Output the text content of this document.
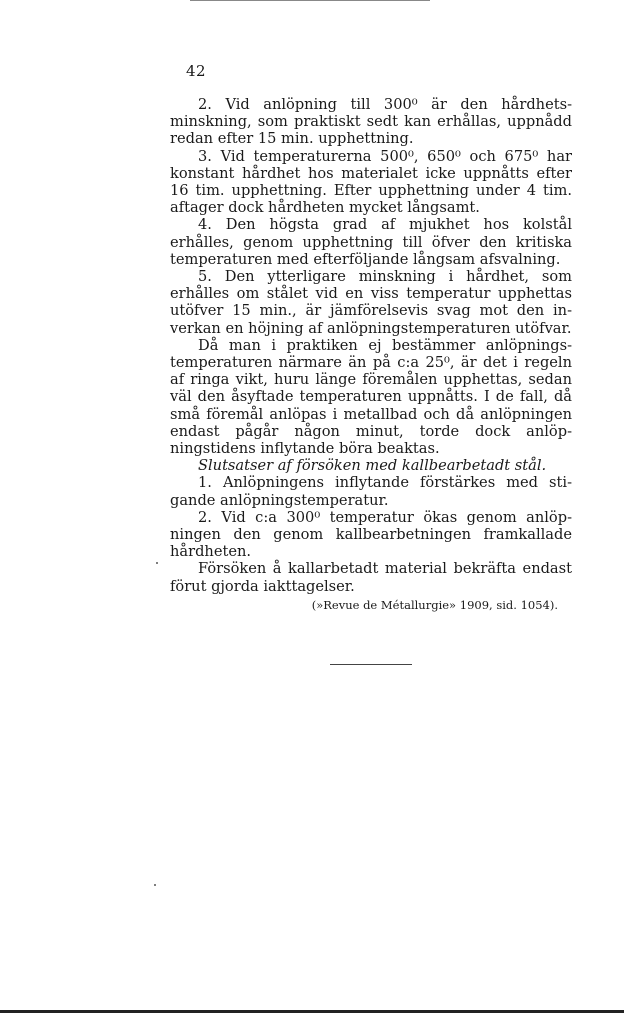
42

2. Vid anlöpning till 300⁰ är den hårdhetsminskning, som praktiskt sedt kan erhållas, uppnådd redan efter 15 min. upphettning.

3. Vid temperaturerna 500⁰, 650⁰ och 675⁰ har konstant hårdhet hos materialet icke uppnåtts efter 16 tim. upphettning. Efter upphettning under 4 tim. aftager dock hårdheten mycket långsamt.

4. Den högsta grad af mjukhet hos kolstål erhålles, genom upphettning till öfver den kritiska temperaturen med efterföljande långsam afsvalning.

5. Den ytterligare minskning i hårdhet, som erhålles om stålet vid en viss temperatur upphettas utöfver 15 min., är jämförelsevis svag mot den inverkan en höjning af anlöpningstemperaturen utöfvar.

Då man i praktiken ej bestämmer anlöpningstemperaturen närmare än på c:a 25⁰, är det i regeln af ringa vikt, huru länge föremålen upphettas, sedan väl den åsyftade temperaturen uppnåtts. I de fall, då små föremål anlöpas i metallbad och då anlöpningen endast pågår någon minut, torde dock anlöpningstidens inflytande böra beaktas.

Slutsatser af försöken med kallbearbetadt stål.

1. Anlöpningens inflytande förstärkes med stigande anlöpningstemperatur.

2. Vid c:a 300⁰ temperatur ökas genom anlöpningen den genom kallbearbetningen framkallade hårdheten.

Försöken å kallarbetadt material bekräfta endast förut gjorda iakttagelser.

(»Revue de Métallurgie» 1909, sid. 1054).
